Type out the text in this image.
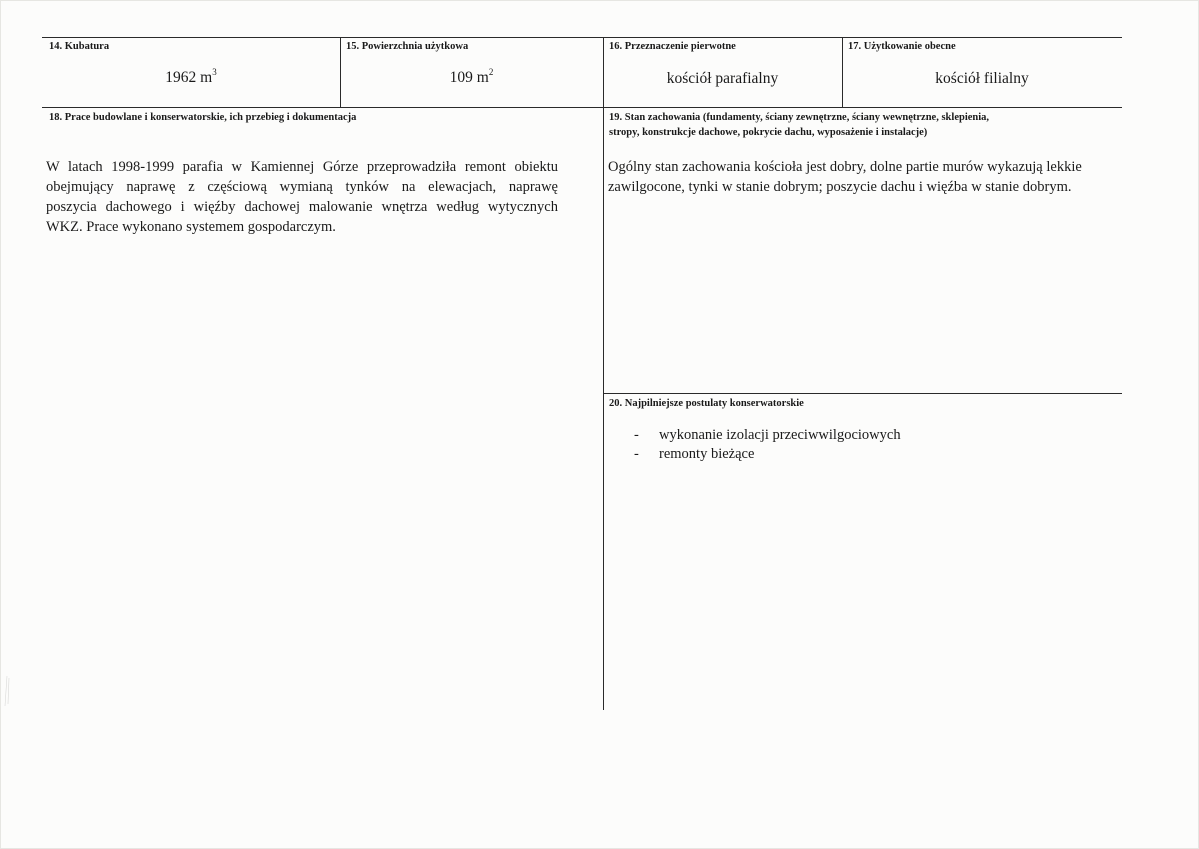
14. Kubatura
1962 $m^3$
15. Powierzchnia użytkowa
109 $m^2$
16. Przeznaczenie pierwotne
kościół parafialny
17. Użytkowanie obecne
kościół filialny
18. Prace budowlane i konserwatorskie, ich przebieg i dokumentacja
W latach 1998-1999 parafia w Kamiennej Górze przeprowadziła remont obiektu
obejmujący naprawę z częściową wymianą tynków na elewacjach, naprawę
poszycia dachowego i więźby dachowej malowanie wnętrza według wytycznych
WKZ. Prace wykonano systemem gospodarczym.
19. Stan zachowania (fundamenty, ściany zewnętrzne, ściany wewnętrzne, sklepienia,
stropy, konstrukcje dachowe, pokrycie dachu, wyposażenie i instalacje)
Ogólny stan zachowania kościoła jest dobry, dolne partie murów wykazują lekkie
zawilgocone, tynki w stanie dobrym; poszycie dachu i więźba w stanie dobrym.
20. Najpilniejsze postulaty konserwatorskie
- wykonanie izolacji przeciwwilgociowych
- remonty bieżące
